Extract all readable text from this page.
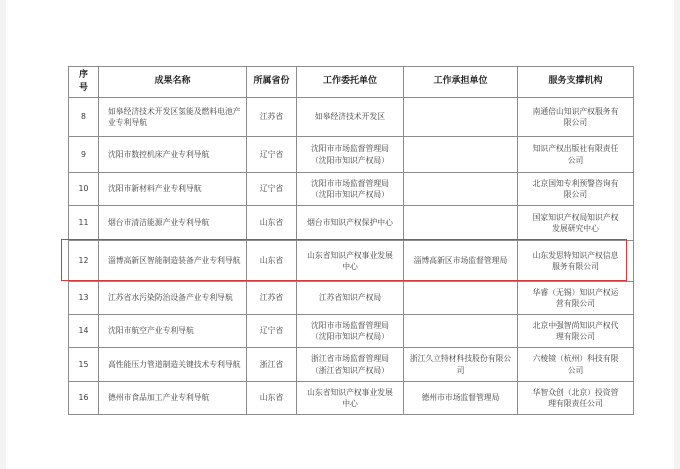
序号	成果名称	所属省份	工作委托单位	工作承担单位	服务支撑机构
8	如皋经济技术开发区氢能及燃料电池产业专利导航	江苏省	如皋经济技术开发区		南通倍山知识产权服务有限公司
9	沈阳市数控机床产业专利导航	辽宁省	沈阳市市场监督管理局（沈阳市知识产权局）		知识产权出版社有限责任公司
10	沈阳市新材料产业专利导航	辽宁省	沈阳市市场监督管理局（沈阳市知识产权局）		北京国知专利预警咨询有限公司
11	烟台市清洁能源产业专利导航	山东省	烟台市知识产权保护中心		国家知识产权局知识产权发展研究中心
12	淄博高新区智能制造装备产业专利导航	山东省	山东省知识产权事业发展中心	淄博高新区市场监督管理局	山东发思特知识产权信息服务有限公司
13	江苏省水污染防治设备产业专利导航	江苏省	江苏省知识产权局		华睿（无锡）知识产权运营有限公司
14	沈阳市航空产业专利导航	辽宁省	沈阳市市场监督管理局（沈阳市知识产权局）		北京中强智尚知识产权代理有限公司
15	高性能压力管道制造关键技术专利导航	浙江省	浙江省市场监督管理局（浙江省知识产权局）	浙江久立特材科技股份有限公司	六棱镜（杭州）科技有限公司
16	德州市食品加工产业专利导航	山东省	山东省知识产权事业发展中心	德州市市场监督管理局	华智众创（北京）投资管理有限责任公司
